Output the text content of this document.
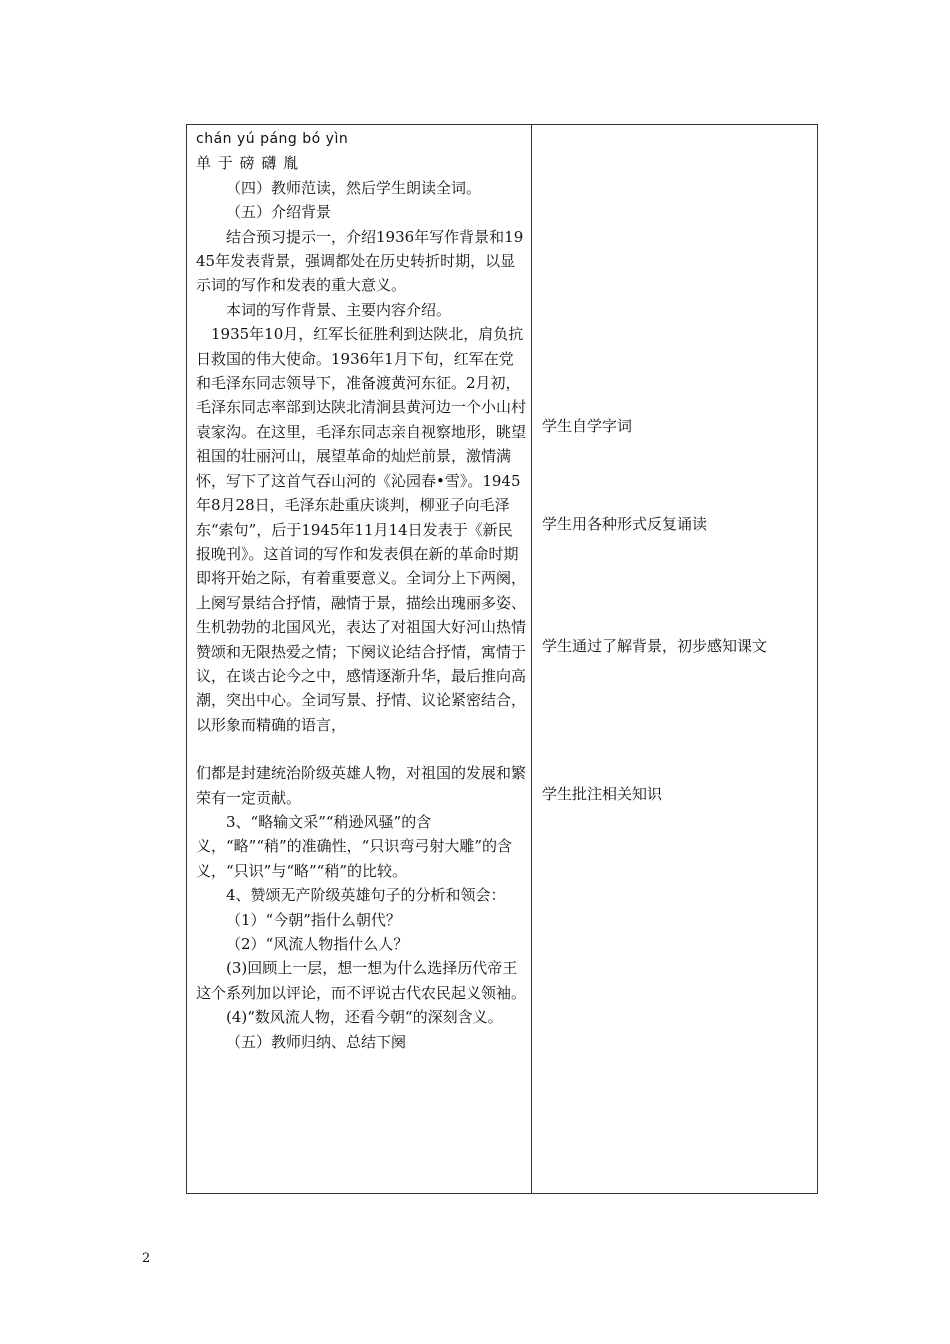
chán yú páng bó yìn

单 于 磅 礴 胤

（四）教师范读，然后学生朗读全词。

（五）介绍背景

结合预习提示一，介绍1936年写作背景和1945年发表背景，强调都处在历史转折时期，以显示词的写作和发表的重大意义。

本词的写作背景、主要内容介绍。

1935年10月，红军长征胜利到达陕北，肩负抗日救国的伟大使命。1936年1月下旬，红军在党和毛泽东同志领导下，准备渡黄河东征。2月初，毛泽东同志率部到达陕北清涧县黄河边一个小山村袁家沟。在这里，毛泽东同志亲自视察地形，眺望祖国的壮丽河山，展望革命的灿烂前景，激情满怀，写下了这首气吞山河的《沁园春•雪》。1945年8月28日，毛泽东赴重庆谈判，柳亚子向毛泽东“索句”，后于1945年11月14日发表于《新民报晚刊》。这首词的写作和发表俱在新的革命时期即将开始之际，有着重要意义。全词分上下两阕，上阕写景结合抒情，融情于景，描绘出瑰丽多姿、生机勃勃的北国风光，表达了对祖国大好河山热情赞颂和无限热爱之情；下阕议论结合抒情，寓情于议，在谈古论今之中，感情逐渐升华，最后推向高潮，突出中心。全词写景、抒情、议论紧密结合，以形象而精确的语言，

们都是封建统治阶级英雄人物，对祖国的发展和繁荣有一定贡献。

3、“略输文采”“稍逊风骚”的含义，“略”“稍”的准确性，“只识弯弓射大雕”的含义，“只识”与“略”“稍”的比较。

4、赞颂无产阶级英雄句子的分析和领会：

（1）“今朝”指什么朝代？

（2）“风流人物指什么人？

(3)回顾上一层，想一想为什么选择历代帝王这个系列加以评论，而不评说古代农民起义领袖。

(4)“数风流人物，还看今朝“的深刻含义。

（五）教师归纳、总结下阕

学生自学字词
学生用各种形式反复诵读
学生通过了解背景，初步感知课文
学生批注相关知识
2
